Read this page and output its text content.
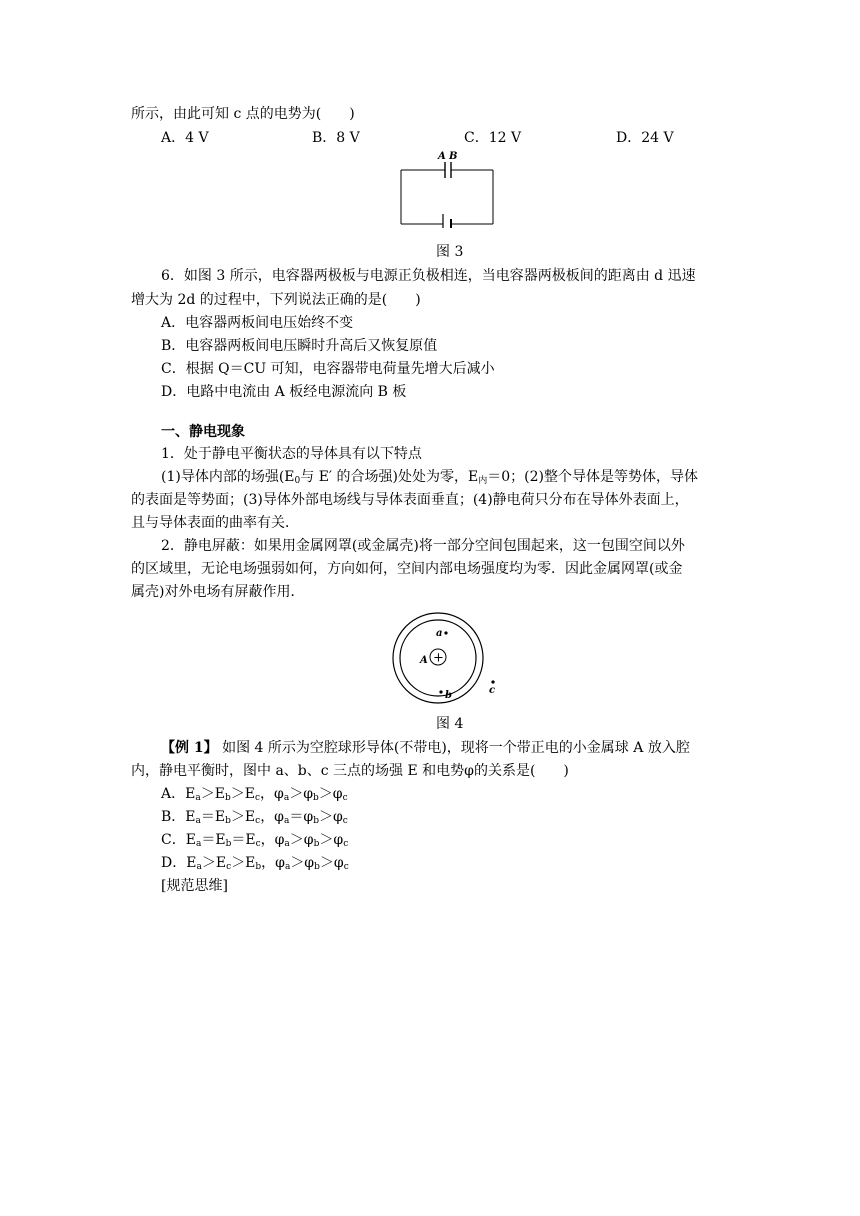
所示，由此可知 c 点的电势为(　　)
A．4 V	B．8 V	C．12 V	D．24 V
A B
图 3
6．如图 3 所示，电容器两极板与电源正负极相连，当电容器两极板间的距离由 d 迅速
增大为 2d 的过程中，下列说法正确的是(　　)
A．电容器两板间电压始终不变
B．电容器两板间电压瞬时升高后又恢复原值
C．根据 Q＝CU 可知，电容器带电荷量先增大后减小
D．电路中电流由 A 板经电源流向 B 板
一、静电现象
1．处于静电平衡状态的导体具有以下特点
(1)导体内部的场强($E_0$与 E′ 的合场强)处处为零，$E_内=0$；(2)整个导体是等势体，导体
的表面是等势面；(3)导体外部电场线与导体表面垂直；(4)静电荷只分布在导体外表面上，
且与导体表面的曲率有关．
2．静电屏蔽：如果用金属网罩(或金属壳)将一部分空间包围起来，这一包围空间以外
的区域里，无论电场强弱如何，方向如何，空间内部电场强度均为零．因此金属网罩(或金
属壳)对外电场有屏蔽作用．
+
A
a
b	c
图 4
【例 1】 如图 4 所示为空腔球形导体(不带电)，现将一个带正电的小金属球 A 放入腔
内，静电平衡时，图中 a、b、c 三点的场强 E 和电势φ的关系是(　　)
A．$E_a>E_b>E_c$，$\varphi_a>\varphi_b>\varphi_c$
B．$E_a=E_b>E_c$，$\varphi_a=\varphi_b>\varphi_c$
C．$E_a=E_b=E_c$，$\varphi_a>\varphi_b>\varphi_c$
D．$E_a>E_c>E_b$，$\varphi_a>\varphi_b>\varphi_c$
[规范思维]
